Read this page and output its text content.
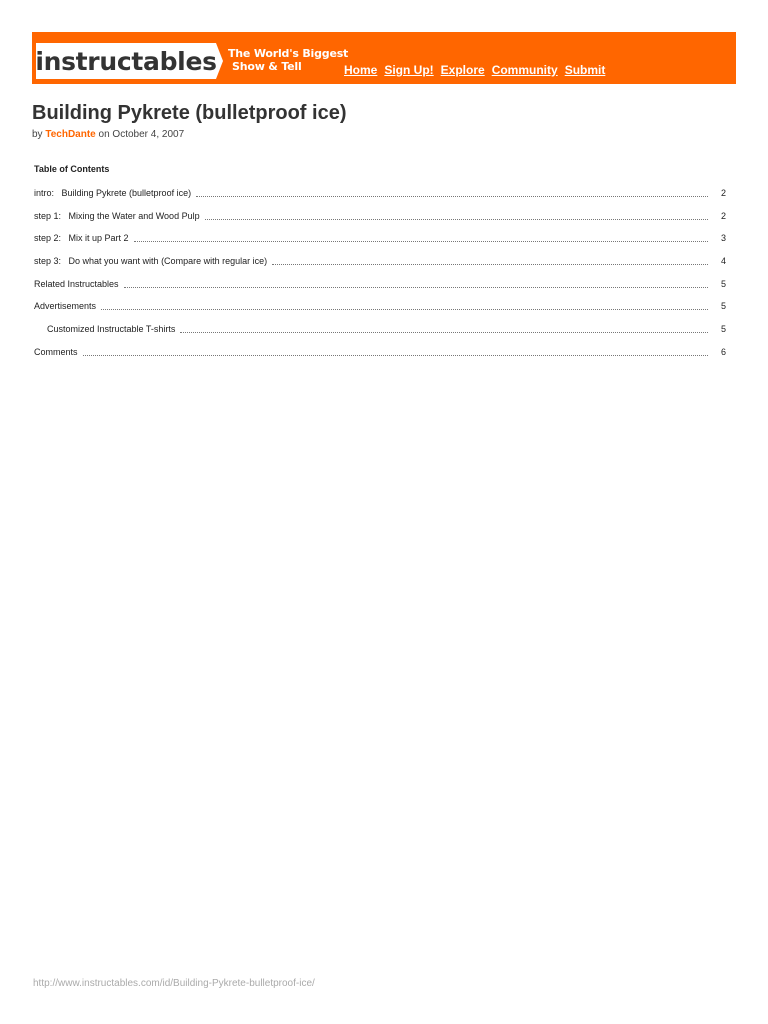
instructables The World's Biggest
Show & Tell	Home Sign Up! Explore Community Submit
Building Pykrete (bulletproof ice)
by TechDante on October 4, 2007
Table of Contents
intro:   Building Pykrete (bulletproof ice)	2
step 1:   Mixing the Water and Wood Pulp	2
step 2:   Mix it up Part 2	3
step 3:   Do what you want with (Compare with regular ice)	4
Related Instructables	5
Advertisements	5
Customized Instructable T-shirts	5
Comments	6
http://www.instructables.com/id/Building-Pykrete-bulletproof-ice/
